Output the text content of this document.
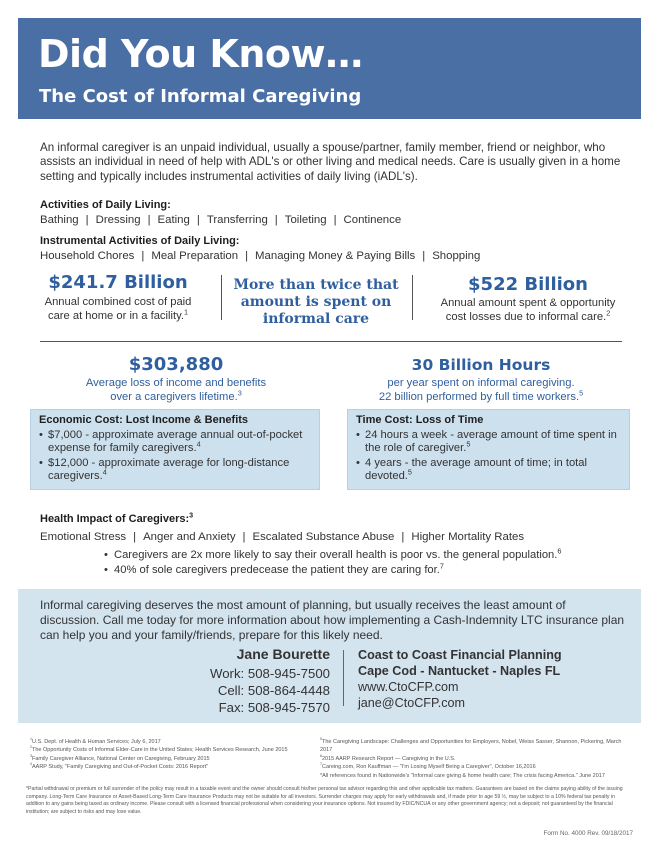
Did You Know…
The Cost of Informal Caregiving

An informal caregiver is an unpaid individual, usually a spouse/partner, family member, friend or neighbor, who assists an individual in need of help with ADL's or other living and medical needs. Care is usually given in a home setting and typically includes instrumental activities of daily living (iADL's).

Activities of Daily Living:
Bathing | Dressing | Eating | Transferring | Toileting | Continence
Instrumental Activities of Daily Living:
Household Chores | Meal Preparation | Managing Money & Paying Bills | Shopping
$241.7 Billion
Annual combined cost of paid
care at home or in a facility.$^1$
More than twice that
amount is spent on
informal care
$522 Billion
Annual amount spent & opportunity
cost losses due to informal care.$^2$
$303,880
Average loss of income and benefits
over a caregivers lifetime.$^3$
30 Billion Hours
per year spent on informal caregiving.
22 billion performed by full time workers.$^5$
Economic Cost: Lost Income & Benefits
• $7,000 - approximate average annual out-of-pocket expense for family caregivers.$^4$
• $12,000 - approximate average for long-distance caregivers.$^4$
Time Cost: Loss of Time
• 24 hours a week - average amount of time spent in the role of caregiver.$^5$
• 4 years - the average amount of time; in total devoted.$^5$
Health Impact of Caregivers:$^3$
Emotional Stress | Anger and Anxiety | Escalated Substance Abuse | Higher Mortality Rates
• Caregivers are 2x more likely to say their overall health is poor vs. the general population.$^6$
• 40% of sole caregivers predecease the patient they are caring for.$^7$

Informal caregiving deserves the most amount of planning, but usually receives the least amount of discussion. Call me today for more information about how implementing a Cash-Indemnity LTC insurance plan can help you and your family/friends, prepare for this likely need.

Jane Bourette
Work: 508-945-7500
Cell: 508-864-4448
Fax: 508-945-7570
Coast to Coast Financial Planning
Cape Cod - Nantucket - Naples FL
www.CtoCFP.com
jane@CtoCFP.com
$^1$U.S. Dept. of Health & Human Services; July 6, 2017
$^2$The Opportunity Costs of Informal Elder-Care in the United States; Health Services Research, June 2015
$^3$Family Caregiver Alliance, National Center on Caregiving, February 2015
$^4$AARP Study, "Family Caregiving and Out-of-Pocket Costs: 2016 Report"
$^5$The Caregiving Landscape: Challenges and Opportunities for Employers, Nobel, Weiss Sasser, Shannon, Pickering, March 2017
$^6$2015 AARP Research Report — Caregiving in the U.S.
$^7$Careing.com, Ron Kauffman — "I'm Losing Myself Being a Caregiver", October 16,2016
*All references found in Nationwide's "Informal care giving & home health care; The crisis facing America." June 2017

*Partial withdrawal or premium or full surrender of the policy may result in a taxable event and the owner should consult his/her personal tax advisor regarding this and other applicable tax matters. Guarantees are based on the claims paying ability of the issuing company. Long-Term Care Insurance or Asset-Based Long-Term Care Insurance Products may not be suitable for all investors. Surrender charges may apply for early withdrawals and, if made prior to age 59 ½, may be subject to a 10% federal tax penalty in addition to any gains being taxed as ordinary income. Please consult with a licensed financial professional when considering your insurance options. Not insured by FDIC/NCUA or any other government agency; not a deposit; not guaranteed by the financial institution; are subject to risks and may lose value.

Form No. 4000 Rev. 09/18/2017
